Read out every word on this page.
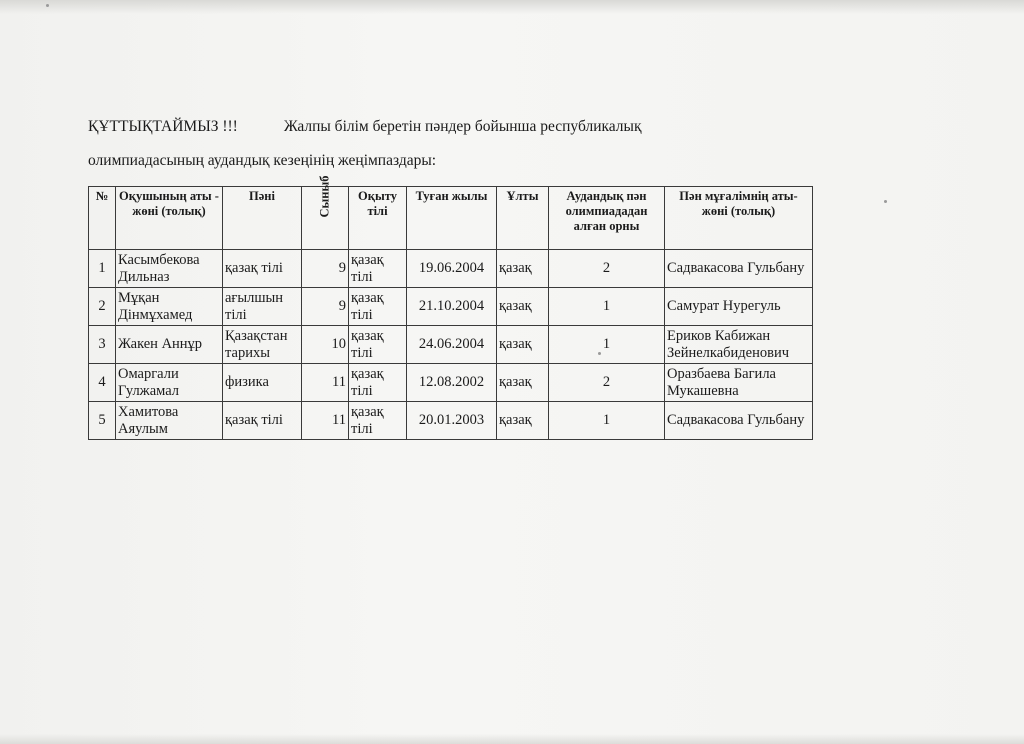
ҚҰТТЫҚТАЙМЫЗ !!!	Жалпы білім беретін пәндер бойынша республикалық
олимпиадасының аудандық кезеңінің жеңімпаздары:
№	Оқушының аты - жөні (толық)	Пәні	Сыныб	Оқыту тілі	Туған жылы	Ұлты	Аудандық пән олимпиададан алған орны	Пән мұғалімнің аты-жөні (толық)
1	Касымбекова Дильназ	қазақ тілі	9	қазақ тілі	19.06.2004	қазақ	2	Садвакасова Гульбану
2	Мұқан Дінмұхамед	ағылшын тілі	9	қазақ тілі	21.10.2004	қазақ	1	Самурат Нурегуль
3	Жакен Аннұр	Қазақстан тарихы	10	қазақ тілі	24.06.2004	қазақ	1	Ериков Кабижан Зейнелкабиденович
4	Омаргали Гулжамал	физика	11	қазақ тілі	12.08.2002	қазақ	2	Оразбаева Багила Мукашевна
5	Хамитова Аяулым	қазақ тілі	11	қазақ тілі	20.01.2003	қазақ	1	Садвакасова Гульбану
